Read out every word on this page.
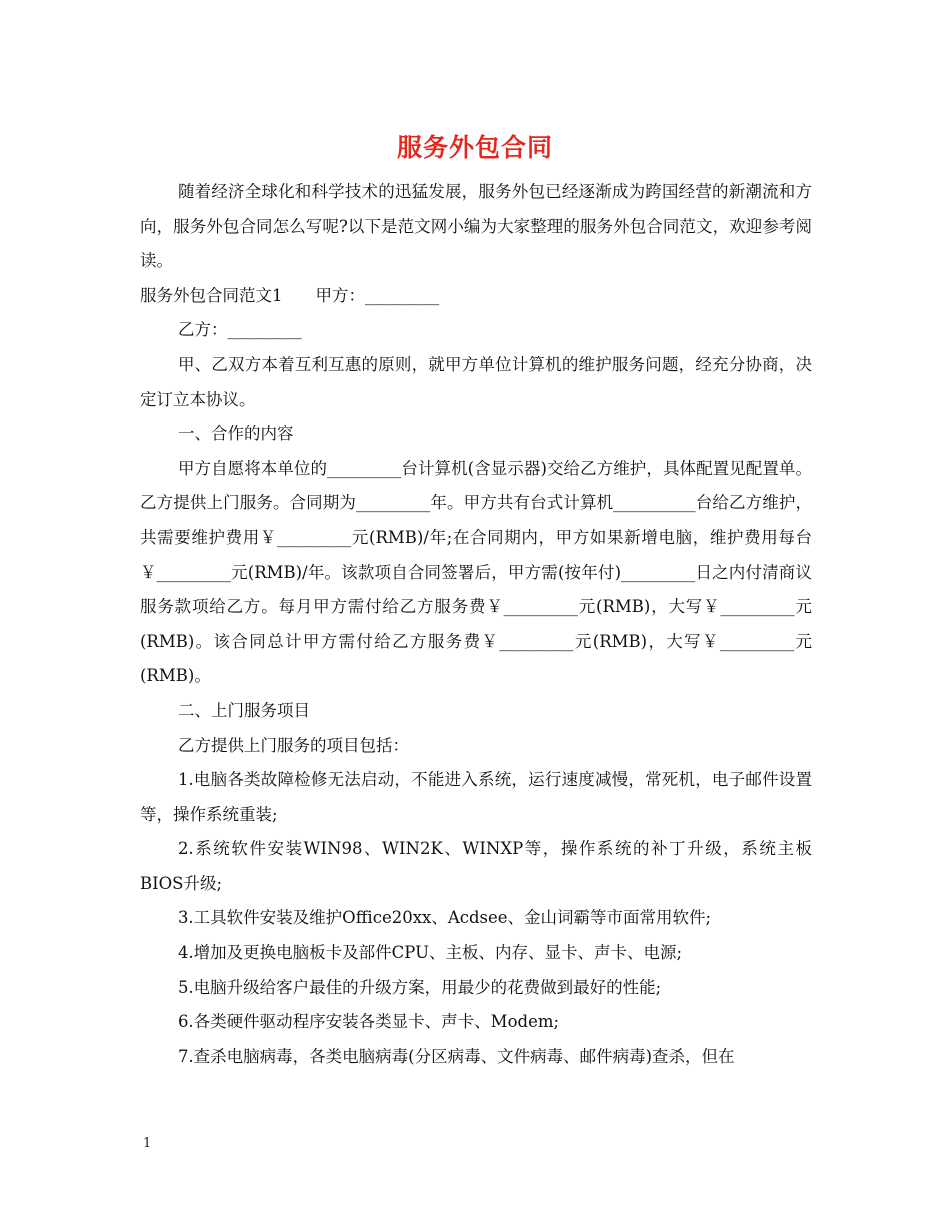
服务外包合同

随着经济全球化和科学技术的迅猛发展，服务外包已经逐渐成为跨国经营的新潮流和方向，服务外包合同怎么写呢?以下是范文网小编为大家整理的服务外包合同范文，欢迎参考阅读。

服务外包合同范文1　　甲方：_________

乙方：_________

甲、乙双方本着互利互惠的原则，就甲方单位计算机的维护服务问题，经充分协商，决定订立本协议。

一、合作的内容

甲方自愿将本单位的_________台计算机(含显示器)交给乙方维护，具体配置见配置单。乙方提供上门服务。合同期为_________年。甲方共有台式计算机__________台给乙方维护，共需要维护费用￥_________元(RMB)/年;在合同期内，甲方如果新增电脑，维护费用每台￥_________元(RMB)/年。该款项自合同签署后，甲方需(按年付)_________日之内付清商议服务款项给乙方。每月甲方需付给乙方服务费￥_________元(RMB)，大写￥_________元(RMB)。该合同总计甲方需付给乙方服务费￥_________元(RMB)，大写￥_________元(RMB)。

二、上门服务项目

乙方提供上门服务的项目包括：

1.电脑各类故障检修无法启动，不能进入系统，运行速度减慢，常死机，电子邮件设置等，操作系统重装;

2.系统软件安装WIN98、WIN2K、WINXP等，操作系统的补丁升级，系统主板BIOS升级;

3.工具软件安装及维护Office20xx、Acdsee、金山词霸等市面常用软件;

4.增加及更换电脑板卡及部件CPU、主板、内存、显卡、声卡、电源;

5.电脑升级给客户最佳的升级方案，用最少的花费做到最好的性能;

6.各类硬件驱动程序安装各类显卡、声卡、Modem;

7.查杀电脑病毒，各类电脑病毒(分区病毒、文件病毒、邮件病毒)查杀，但在

1
